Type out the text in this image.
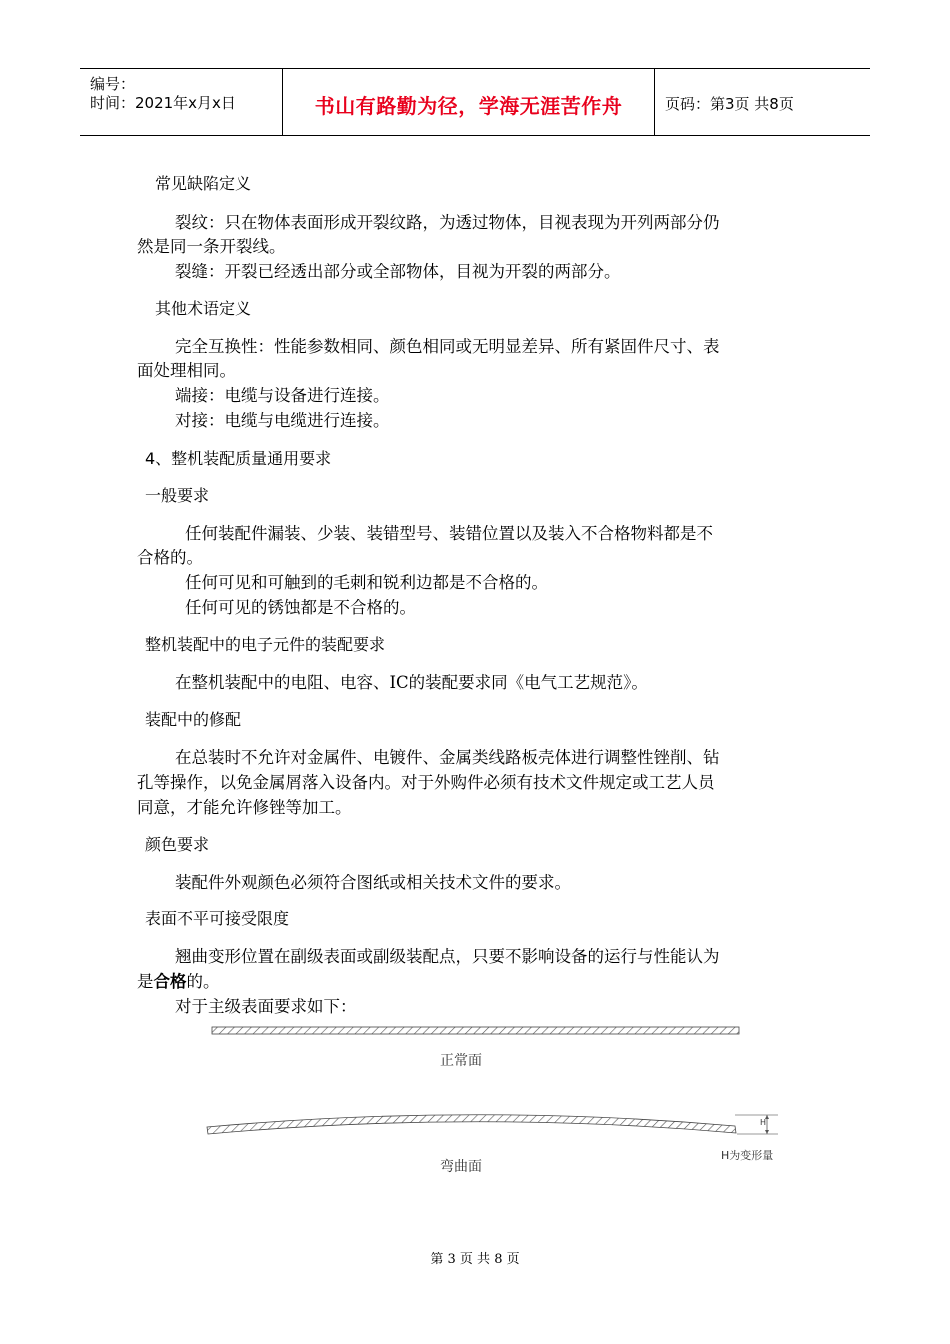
编号：
时间：2021年x月x日	书山有路勤为径，学海无涯苦作舟	页码：第3页 共8页
常见缺陷定义
裂纹：只在物体表面形成开裂纹路，为透过物体，目视表现为开列两部分仍
然是同一条开裂线。
裂缝：开裂已经透出部分或全部物体，目视为开裂的两部分。
其他术语定义
完全互换性：性能参数相同、颜色相同或无明显差异、所有紧固件尺寸、表
面处理相同。
端接：电缆与设备进行连接。
对接：电缆与电缆进行连接。
4、整机装配质量通用要求
一般要求
任何装配件漏装、少装、装错型号、装错位置以及装入不合格物料都是不
合格的。
任何可见和可触到的毛刺和锐利边都是不合格的。
任何可见的锈蚀都是不合格的。
整机装配中的电子元件的装配要求
在整机装配中的电阻、电容、IC的装配要求同《电气工艺规范》。
装配中的修配
在总装时不允许对金属件、电镀件、金属类线路板壳体进行调整性锉削、钻
孔等操作，以免金属屑落入设备内。对于外购件必须有技术文件规定或工艺人员
同意，才能允许修锉等加工。
颜色要求
装配件外观颜色必须符合图纸或相关技术文件的要求。
表面不平可接受限度
翘曲变形位置在副级表面或副级装配点，只要不影响设备的运行与性能认为
是合格的。
对于主级表面要求如下：
正常面
H
弯曲面
H为变形量
第 3 页 共 8 页
